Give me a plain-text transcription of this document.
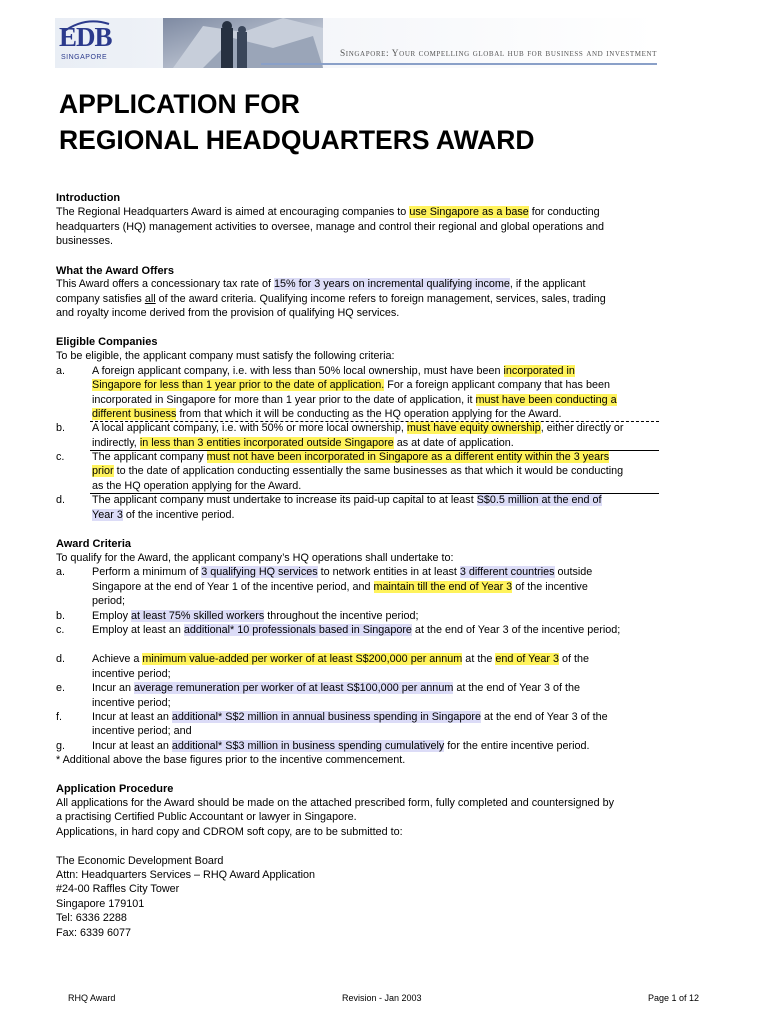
EDB
SINGAPORE	Singapore: Your compelling global hub for business and investment
APPLICATION FOR
REGIONAL HEADQUARTERS AWARD
Introduction
The Regional Headquarters Award is aimed at encouraging companies to use Singapore as a base for conducting
headquarters (HQ) management activities to oversee, manage and control their regional and global operations and
businesses.
What the Award Offers
This Award offers a concessionary tax rate of 15% for 3 years on incremental qualifying income, if the applicant
company satisfies all of the award criteria. Qualifying income refers to foreign management, services, sales, trading
and royalty income derived from the provision of qualifying HQ services.
Eligible Companies
To be eligible, the applicant company must satisfy the following criteria:
a. A foreign applicant company, i.e. with less than 50% local ownership, must have been incorporated in
Singapore for less than 1 year prior to the date of application. For a foreign applicant company that has been
incorporated in Singapore for more than 1 year prior to the date of application, it must have been conducting a
different business from that which it will be conducting as the HQ operation applying for the Award.
b. A local applicant company, i.e. with 50% or more local ownership, must have equity ownership, either directly or
indirectly, in less than 3 entities incorporated outside Singapore as at date of application.
c.	The applicant company must not have been incorporated in Singapore as a different entity within the 3 years
prior to the date of application conducting essentially the same businesses as that which it would be conducting
as the HQ operation applying for the Award.
d. The applicant company must undertake to increase its paid-up capital to at least S$0.5 million at the end of
Year 3 of the incentive period.
Award Criteria
To qualify for the Award, the applicant company’s HQ operations shall undertake to:
a. Perform a minimum of 3 qualifying HQ services to network entities in at least 3 different countries outside
Singapore at the end of Year 1 of the incentive period, and maintain till the end of Year 3 of the incentive
period;
b. Employ at least 75% skilled workers throughout the incentive period;
c.	Employ at least an additional* 10 professionals based in Singapore at the end of Year 3 of the incentive period;
d. Achieve a minimum value-added per worker of at least S$200,000 per annum at the end of Year 3 of the
incentive period;
e. Incur an average remuneration per worker of at least S$100,000 per annum at the end of Year 3 of the
incentive period;
f.	Incur at least an additional* S$2 million in annual business spending in Singapore at the end of Year 3 of the
incentive period; and
g. Incur at least an additional* S$3 million in business spending cumulatively for the entire incentive period.
* Additional above the base figures prior to the incentive commencement.
Application Procedure
All applications for the Award should be made on the attached prescribed form, fully completed and countersigned by
a practising Certified Public Accountant or lawyer in Singapore.
Applications, in hard copy and CDROM soft copy, are to be submitted to:
The Economic Development Board
Attn: Headquarters Services – RHQ Award Application
#24-00 Raffles City Tower
Singapore 179101
Tel: 6336 2288
Fax: 6339 6077
RHQ Award	Revision - Jan 2003	Page 1 of 12
